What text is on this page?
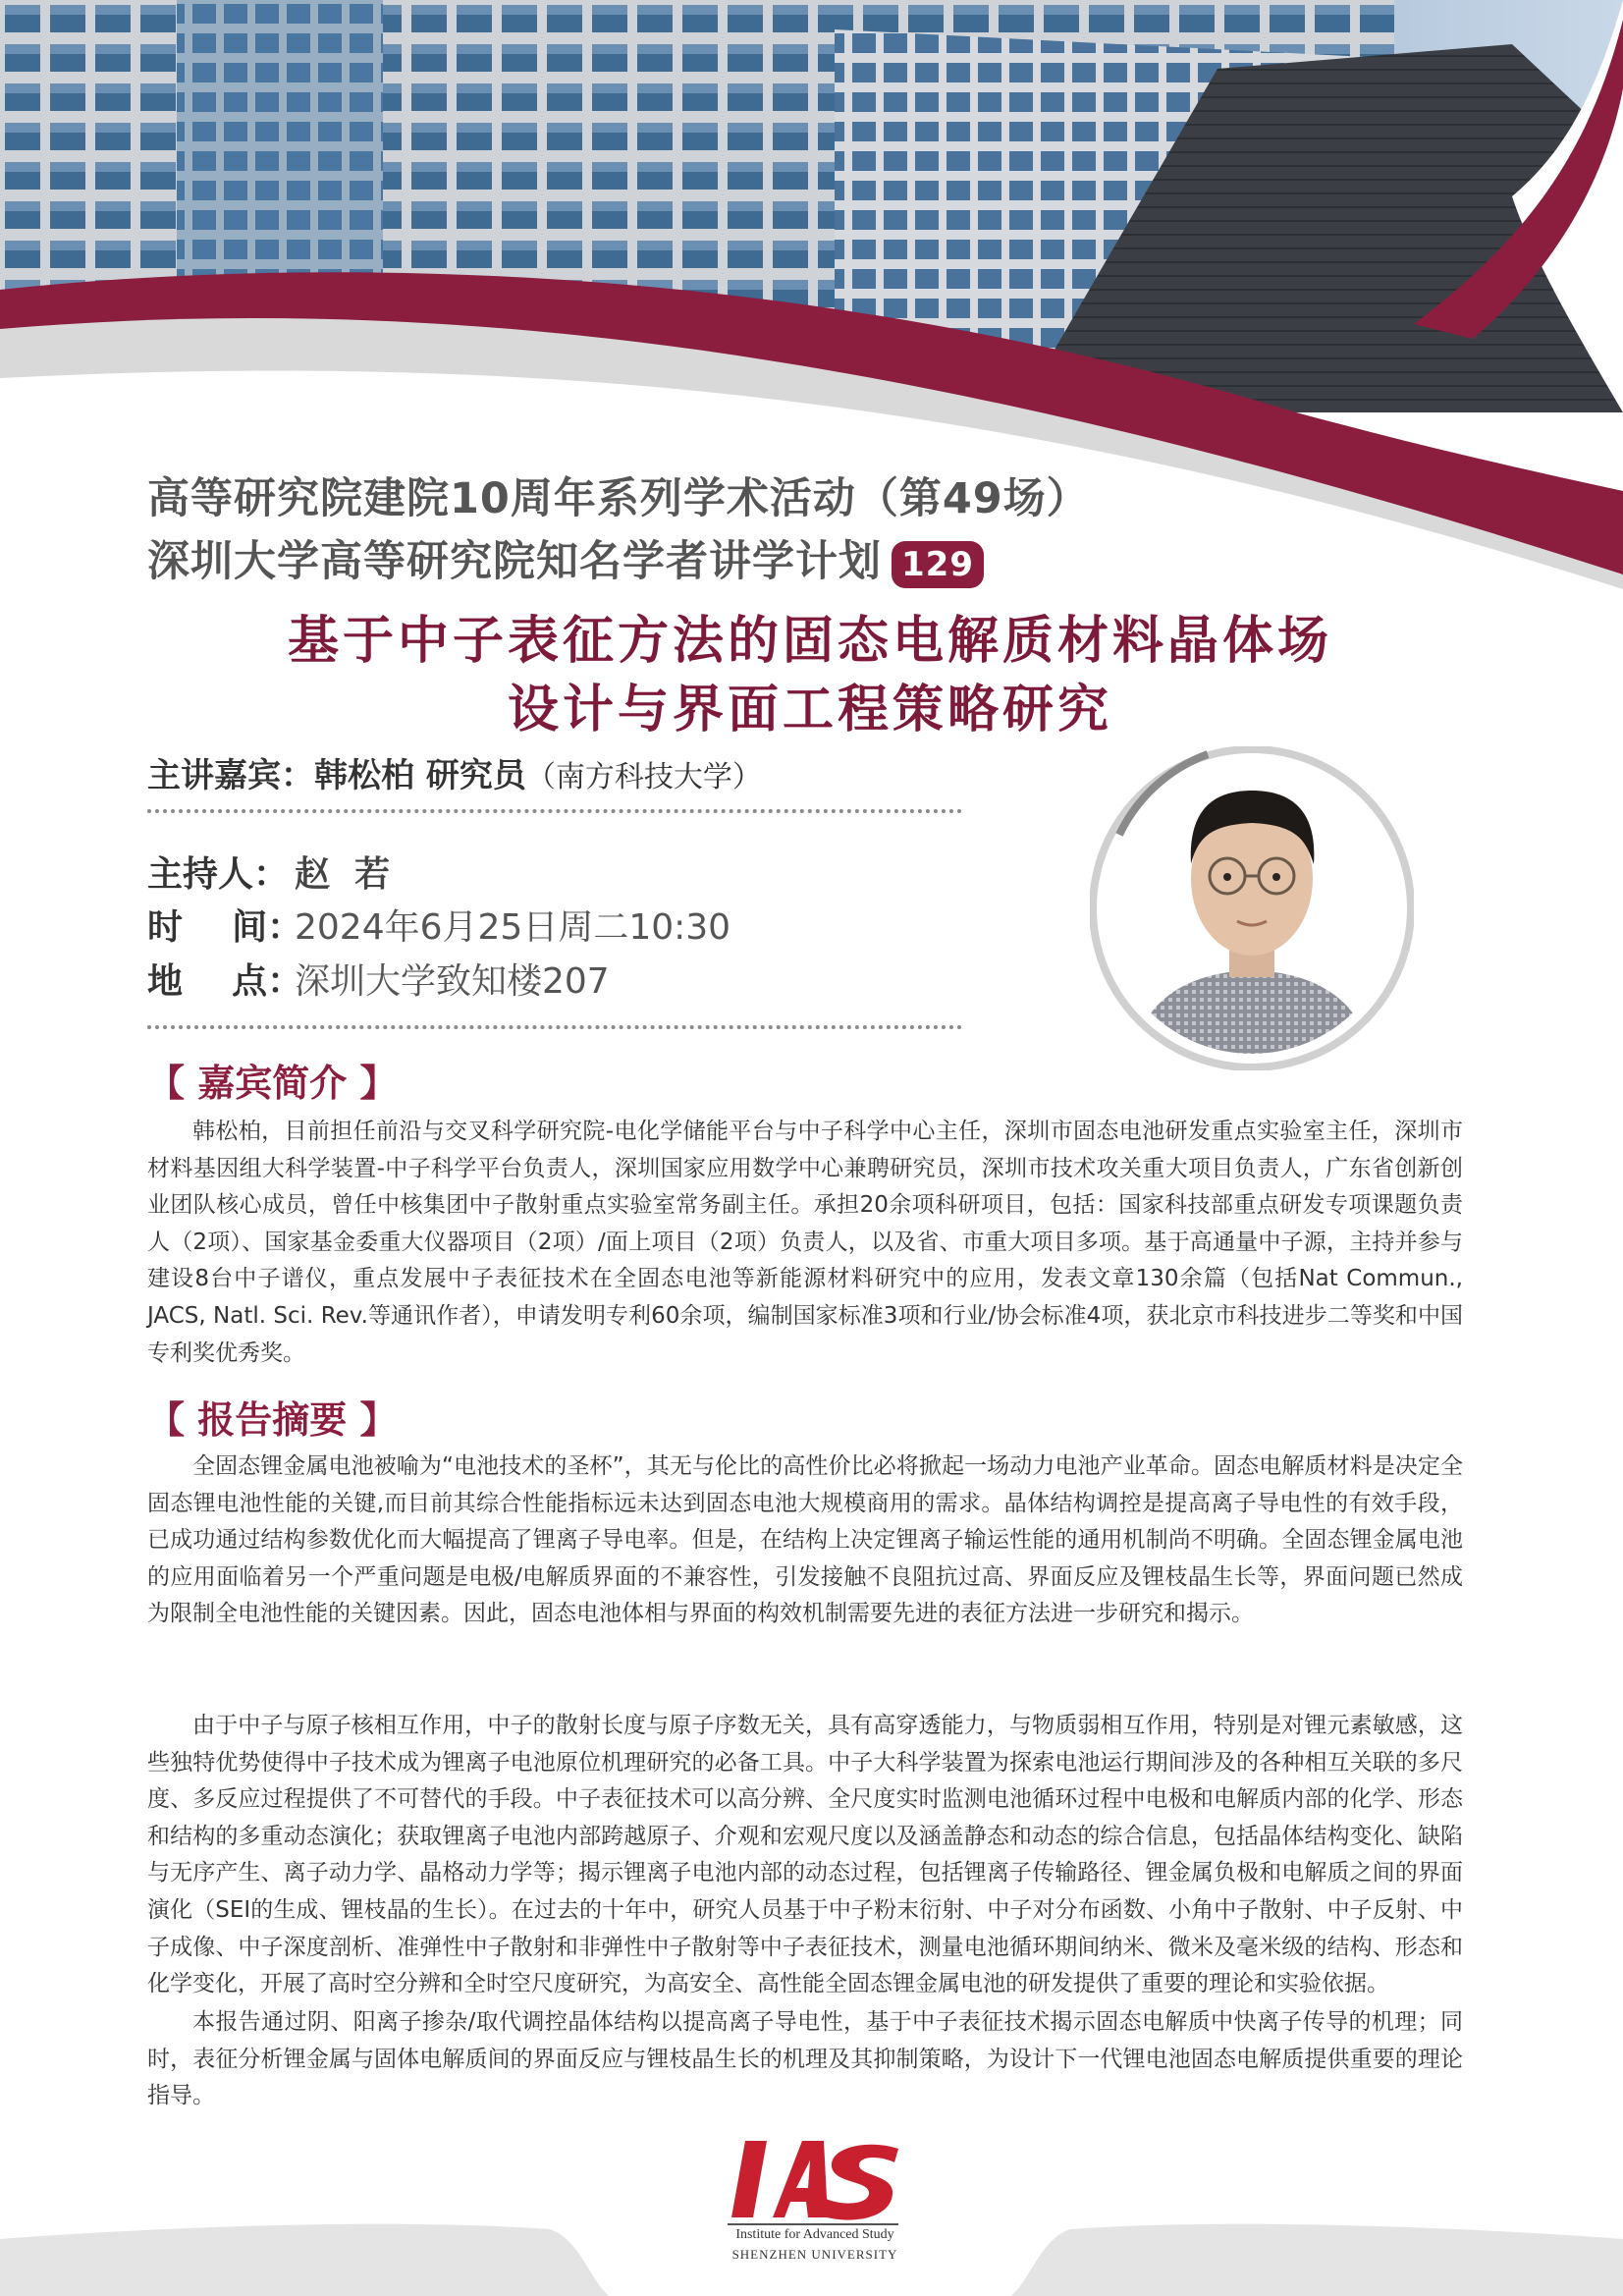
高等研究院建院10周年系列学术活动（第49场）
深圳大学高等研究院知名学者讲学计划 129
基于中子表征方法的固态电解质材料晶体场
设计与界面工程策略研究
主讲嘉宾：韩松柏 研究员（南方科技大学）
主持人： 赵  若
时    间：2024年6月25日周二10:30
地    点：深圳大学致知楼207
【 嘉宾简介 】

韩松柏，目前担任前沿与交叉科学研究院-电化学储能平台与中子科学中心主任，深圳市固态电池研发重点实验室主任，深圳市材料基因组大科学装置-中子科学平台负责人，深圳国家应用数学中心兼聘研究员，深圳市技术攻关重大项目负责人，广东省创新创业团队核心成员，曾任中核集团中子散射重点实验室常务副主任。承担20余项科研项目，包括：国家科技部重点研发专项课题负责人（2项）、国家基金委重大仪器项目（2项）/面上项目（2项）负责人，以及省、市重大项目多项。基于高通量中子源，主持并参与建设8台中子谱仪，重点发展中子表征技术在全固态电池等新能源材料研究中的应用，发表文章130余篇（包括Nat Commun., JACS, Natl. Sci. Rev.等通讯作者），申请发明专利60余项，编制国家标准3项和行业/协会标准4项，获北京市科技进步二等奖和中国专利奖优秀奖。

【 报告摘要 】

全固态锂金属电池被喻为“电池技术的圣杯”，其无与伦比的高性价比必将掀起一场动力电池产业革命。固态电解质材料是决定全固态锂电池性能的关键,而目前其综合性能指标远未达到固态电池大规模商用的需求。晶体结构调控是提高离子导电性的有效手段，已成功通过结构参数优化而大幅提高了锂离子导电率。但是，在结构上决定锂离子输运性能的通用机制尚不明确。全固态锂金属电池的应用面临着另一个严重问题是电极/电解质界面的不兼容性，引发接触不良阻抗过高、界面反应及锂枝晶生长等，界面问题已然成为限制全电池性能的关键因素。因此，固态电池体相与界面的构效机制需要先进的表征方法进一步研究和揭示。

由于中子与原子核相互作用，中子的散射长度与原子序数无关，具有高穿透能力，与物质弱相互作用，特别是对锂元素敏感，这些独特优势使得中子技术成为锂离子电池原位机理研究的必备工具。中子大科学装置为探索电池运行期间涉及的各种相互关联的多尺度、多反应过程提供了不可替代的手段。中子表征技术可以高分辨、全尺度实时监测电池循环过程中电极和电解质内部的化学、形态和结构的多重动态演化；获取锂离子电池内部跨越原子、介观和宏观尺度以及涵盖静态和动态的综合信息，包括晶体结构变化、缺陷与无序产生、离子动力学、晶格动力学等；揭示锂离子电池内部的动态过程，包括锂离子传输路径、锂金属负极和电解质之间的界面演化（SEI的生成、锂枝晶的生长）。在过去的十年中，研究人员基于中子粉末衍射、中子对分布函数、小角中子散射、中子反射、中子成像、中子深度剖析、准弹性中子散射和非弹性中子散射等中子表征技术，测量电池循环期间纳米、微米及毫米级的结构、形态和化学变化，开展了高时空分辨和全时空尺度研究，为高安全、高性能全固态锂金属电池的研发提供了重要的理论和实验依据。

本报告通过阴、阳离子掺杂/取代调控晶体结构以提高离子导电性，基于中子表征技术揭示固态电解质中快离子传导的机理；同时，表征分析锂金属与固体电解质间的界面反应与锂枝晶生长的机理及其抑制策略，为设计下一代锂电池固态电解质提供重要的理论指导。

Institute for Advanced Study
SHENZHEN UNIVERSITY
